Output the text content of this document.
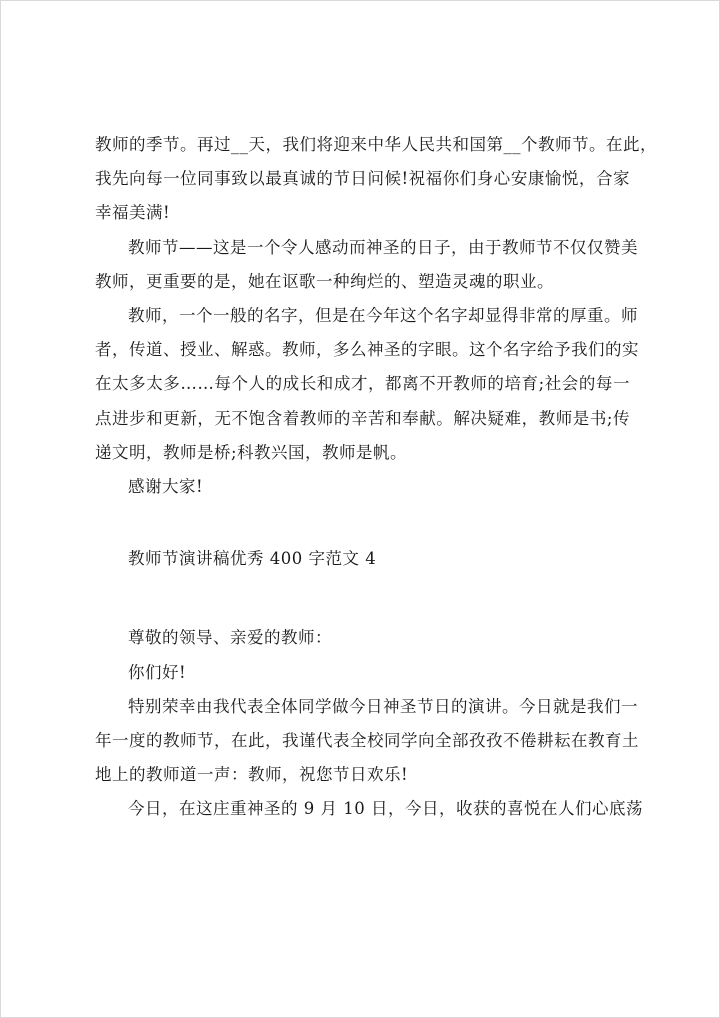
教师的季节。再过__天，我们将迎来中华人民共和国第__个教师节。在此，
我先向每一位同事致以最真诚的节日问候!祝福你们身心安康愉悦，合家
幸福美满!
教师节——这是一个令人感动而神圣的日子，由于教师节不仅仅赞美
教师，更重要的是，她在讴歌一种绚烂的、塑造灵魂的职业。
教师，一个一般的名字，但是在今年这个名字却显得非常的厚重。师
者，传道、授业、解惑。教师，多么神圣的字眼。这个名字给予我们的实
在太多太多……每个人的成长和成才，都离不开教师的培育;社会的每一
点进步和更新，无不饱含着教师的辛苦和奉献。解决疑难，教师是书;传
递文明，教师是桥;科教兴国，教师是帆。
感谢大家!
教师节演讲稿优秀 400 字范文 4
尊敬的领导、亲爱的教师：
你们好!
特别荣幸由我代表全体同学做今日神圣节日的演讲。今日就是我们一
年一度的教师节，在此，我谨代表全校同学向全部孜孜不倦耕耘在教育土
地上的教师道一声：教师，祝您节日欢乐!
今日，在这庄重神圣的 9 月 10 日，今日，收获的喜悦在人们心底荡
